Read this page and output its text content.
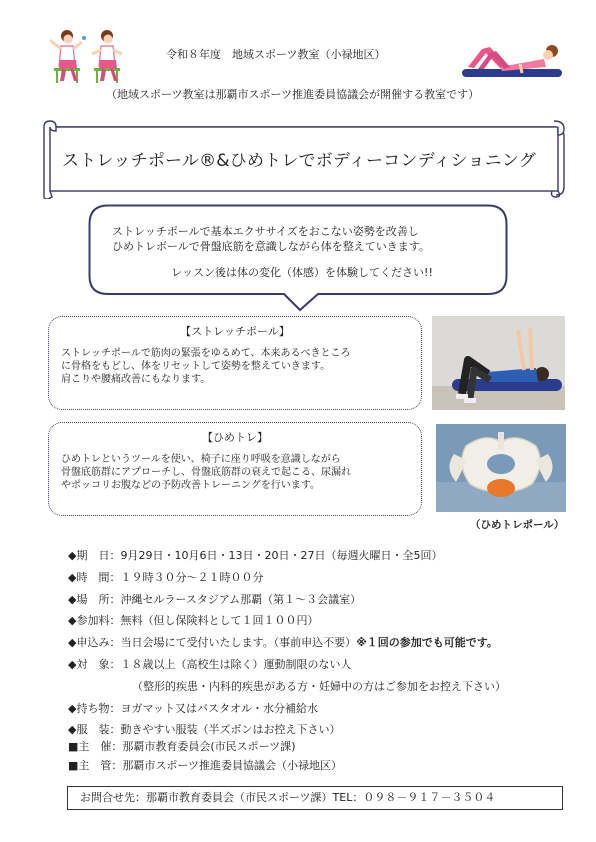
令和８年度　地域スポーツ教室（小禄地区）
（地域スポーツ教室は那覇市スポーツ推進委員協議会が開催する教室です）
ストレッチポール®&ひめトレでボディーコンディショニング
ストレッチポールで基本エクササイズをおこない姿勢を改善し
ひめトレボールで骨盤底筋を意識しながら体を整えていきます。
レッスン後は体の変化（体感）を体験してください!!
【ストレッチポール】
ストレッチポールで筋肉の緊張をゆるめて、本来あるべきところ
に骨格をもどし、体をリセットして姿勢を整えていきます。
肩こりや腰痛改善にもなります。
【ひめトレ】
ひめトレというツールを使い、椅子に座り呼吸を意識しながら
骨盤底筋群にアプローチし、骨盤底筋群の衰えで起こる、尿漏れ
やポッコリお腹などの予防改善トレーニングを行います。
（ひめトレポール）
◆期　日：9月29日・10月6日・13日・20日・27日（毎週火曜日・全5回）
◆時　間：１９時３０分～２１時００分
◆場　所：沖縄セルラースタジアム那覇（第１～３会議室）
◆参加料：無料（但し保険料として１回１００円）
◆申込み：当日会場にて受付いたします。（事前申込不要）※１回の参加でも可能です。
◆対　象：１８歳以上（高校生は除く）運動制限のない人
（整形的疾患・内科的疾患がある方・妊婦中の方はご参加をお控え下さい）
◆持ち物：ヨガマット又はバスタオル・水分補給水
◆服　装：動きやすい服装（半ズボンはお控え下さい）
■主　催：那覇市教育委員会(市民スポーツ課)
■主　管：那覇市スポーツ推進委員協議会（小禄地区）
お問合せ先：那覇市教育委員会（市民スポーツ課）TEL：０９８－９１７－３５０４
